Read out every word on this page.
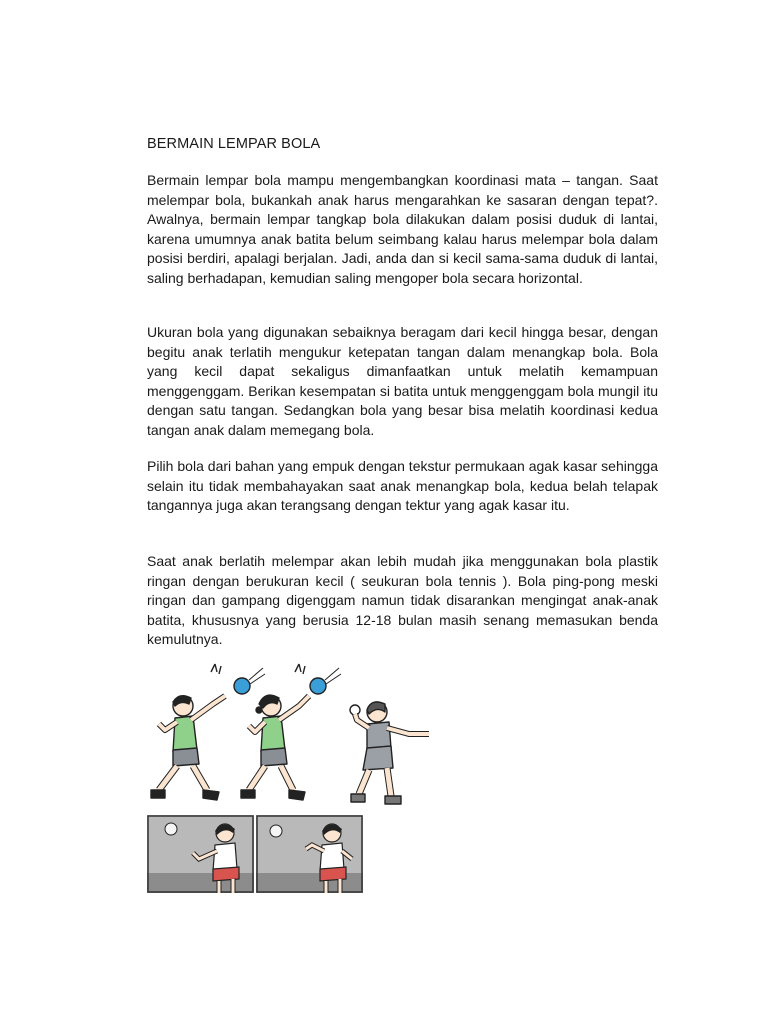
BERMAIN LEMPAR BOLA

Bermain lempar bola mampu mengembangkan koordinasi mata – tangan. Saat melempar bola, bukankah anak harus mengarahkan ke sasaran dengan tepat?. Awalnya, bermain lempar tangkap bola dilakukan dalam posisi duduk di lantai, karena umumnya anak batita belum seimbang kalau harus melempar bola dalam posisi berdiri, apalagi berjalan. Jadi, anda dan si kecil sama-sama duduk di lantai, saling berhadapan, kemudian saling mengoper bola secara horizontal.

Ukuran bola yang digunakan sebaiknya beragam dari kecil hingga besar, dengan begitu anak terlatih mengukur ketepatan tangan dalam menangkap bola. Bola yang kecil dapat sekaligus dimanfaatkan untuk melatih kemampuan menggenggam. Berikan kesempatan si batita untuk menggenggam bola mungil itu dengan satu tangan. Sedangkan bola yang besar bisa melatih koordinasi kedua tangan anak dalam memegang bola.

Pilih bola dari bahan yang empuk dengan tekstur permukaan agak kasar sehingga selain itu tidak membahayakan saat anak menangkap bola, kedua belah telapak tangannya juga akan terangsang dengan tektur yang agak kasar itu.

Saat anak berlatih melempar akan lebih mudah jika menggunakan bola plastik ringan dengan berukuran kecil ( seukuran bola tennis ). Bola ping-pong meski ringan dan gampang digenggam namun tidak disarankan mengingat anak-anak batita, khususnya yang berusia 12-18 bulan masih senang memasukan benda kemulutnya.
